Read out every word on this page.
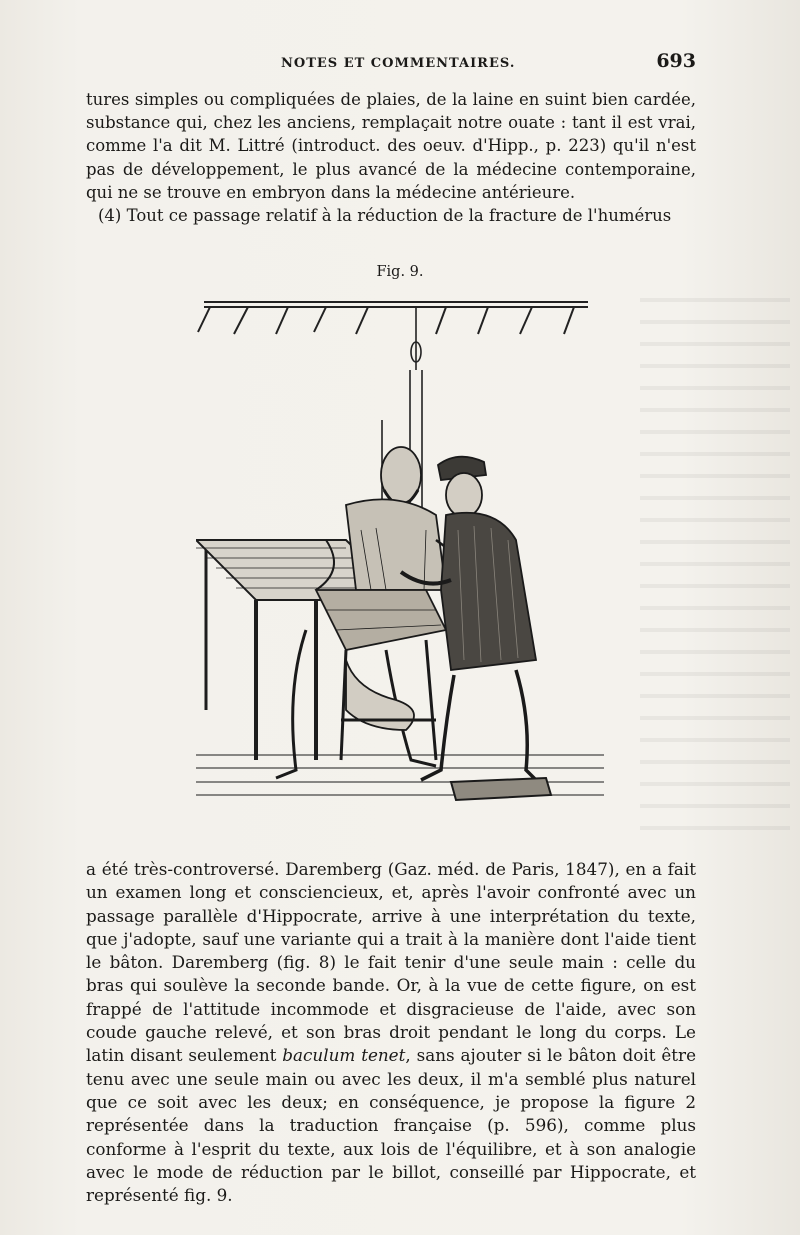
NOTES ET COMMENTAIRES.	693

tures simples ou compliquées de plaies, de la laine en suint bien cardée, substance qui, chez les anciens, remplaçait notre ouate : tant il est vrai, comme l'a dit M. Littré (introduct. des oeuv. d'Hipp., p. 223) qu'il n'est pas de développement, le plus avancé de la médecine contemporaine, qui ne se trouve en embryon dans la médecine antérieure.

(4) Tout ce passage relatif à la réduction de la fracture de l'humérus

Fig. 9.

a été très-controversé. Daremberg (Gaz. méd. de Paris, 1847), en a fait un examen long et consciencieux, et, après l'avoir confronté avec un passage parallèle d'Hippocrate, arrive à une interprétation du texte, que j'adopte, sauf une variante qui a trait à la manière dont l'aide tient le bâton. Daremberg (fig. 8) le fait tenir d'une seule main : celle du bras qui soulève la seconde bande. Or, à la vue de cette figure, on est frappé de l'attitude incommode et disgracieuse de l'aide, avec son coude gauche relevé, et son bras droit pendant le long du corps. Le latin disant seulement baculum tenet, sans ajouter si le bâton doit être tenu avec une seule main ou avec les deux, il m'a semblé plus naturel que ce soit avec les deux; en conséquence, je propose la figure 2 représentée dans la traduction française (p. 596), comme plus conforme à l'esprit du texte, aux lois de l'équilibre, et à son analogie avec le mode de réduction par le billot, conseillé par Hippocrate, et représenté fig. 9.
